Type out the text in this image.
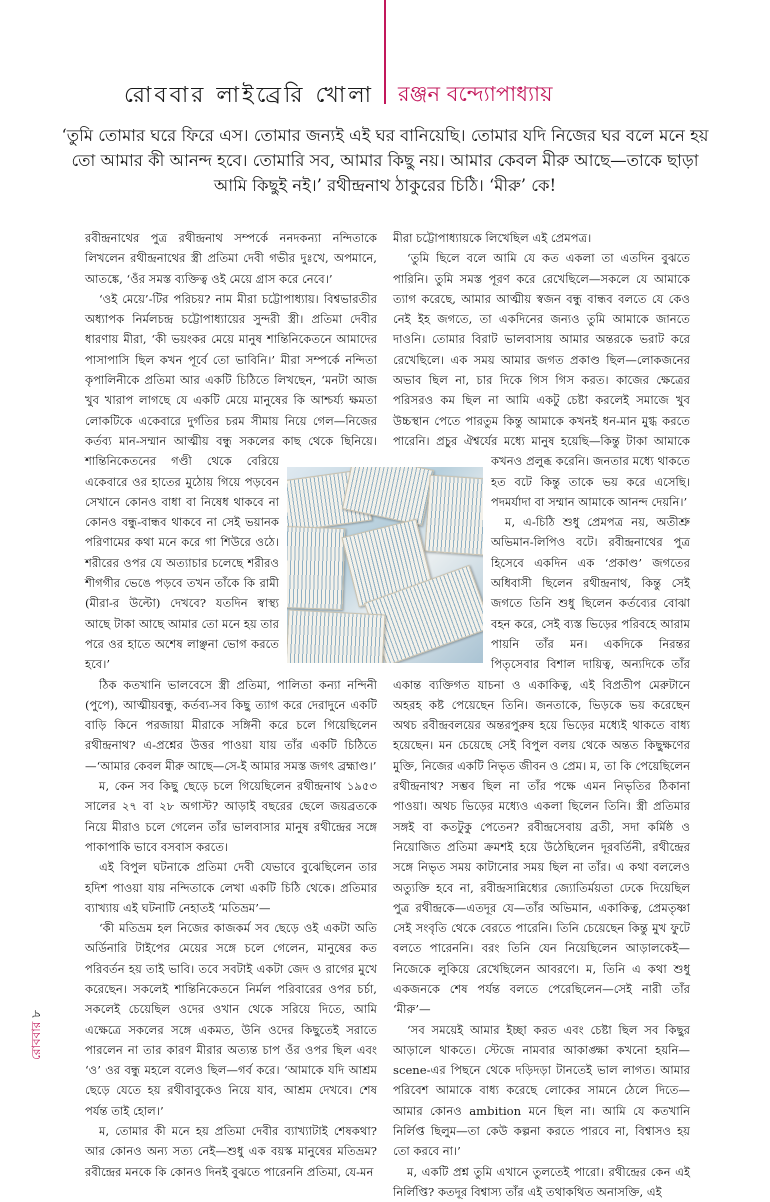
রোববার লাইব্রেরি খোলা রঞ্জন বন্দ্যোপাধ্যায়
‘তুমি তোমার ঘরে ফিরে এস। তোমার জন্যই এই ঘর বানিয়েছি। তোমার যদি নিজের ঘর বলে মনে হয় তো আমার কী আনন্দ হবে। তোমারি সব, আমার কিছু নয়। আমার কেবল মীরু আছে—তাকে ছাড়া আমি কিছুই নই।’ রথীন্দ্রনাথ ঠাকুরের চিঠি। ‘মীরু’ কে!

রবীন্দ্রনাথের পুত্র রথীন্দ্রনাথ সম্পর্কে ননদকন্যা নন্দিতাকে লিখলেন রথীন্দ্রনাথের স্ত্রী প্রতিমা দেবী গভীর দুঃখে, অপমানে, আতঙ্কে, ‘ওঁর সমস্ত ব্যক্তিত্ব ওই মেয়ে গ্রাস করে নেবে।’

‘ওই মেয়ে’-টির পরিচয়? নাম মীরা চট্টোপাধ্যায়। বিশ্বভারতীর অধ্যাপক নির্মলচন্দ্র চট্টোপাধ্যায়ের সুন্দরী স্ত্রী। প্রতিমা দেবীর ধারণায় মীরা, ‘কী ভয়ংকর মেয়ে মানুষ শান্তিনিকেতনে আমাদের পাসাপাসি ছিল কখন পূর্বে তো ভাবিনি।’ মীরা সম্পর্কে নন্দিতা কৃপালিনীকে প্রতিমা আর একটি চিঠিতে লিখছেন, ‘মনটা আজ খুব খারাপ লাগছে যে একটি মেয়ে মানুষের কি আশ্চর্য্য ক্ষমতা লোকটিকে একেবারে দুর্গতির চরম সীমায় নিয়ে গেল—নিজের কর্তব্য মান-সম্মান আত্মীয় বন্ধু সকলের কাছ থেকে ছিনিয়ে। শান্তিনিকেতনের গণ্ডী থেকে বেরিয়ে একেবারে ওর হাতের মুঠোয় গিয়ে পড়বেন সেখানে কোনও বাধা বা নিষেধ থাকবে না কোনও বন্ধু-বান্ধব থাকবে না সেই ভয়ানক পরিণামের কথা মনে করে গা শিউরে ওঠে। শরীরের ওপর যে অত্যাচার চলেছে শরীরও শীগগীর ভেঙে পড়বে তখন তাঁকে কি রামী (মীরা-র উল্টো) দেখবে? যতদিন স্বাস্থ্য আছে টাকা আছে আমার তো মনে হয় তার পরে ওর হাতে অশেষ লাঞ্ছনা ভোগ করতে হবে।’

ঠিক কতখানি ভালবেসে স্ত্রী প্রতিমা, পালিতা কন্যা নন্দিনী (পুপে), আত্মীয়বন্ধু, কর্তব্য-সব কিছু ত্যাগ করে দেরাদুনে একটি বাড়ি কিনে পরজায়া মীরাকে সঙ্গিনী করে চলে গিয়েছিলেন রথীন্দ্রনাথ? এ-প্রশ্নের উত্তর পাওয়া যায় তাঁর একটি চিঠিতে—‘আমার কেবল মীরু আছে—সে-ই আমার সমস্ত জগৎ ব্রহ্মাণ্ড।’

ম, কেন সব কিছু ছেড়ে চলে গিয়েছিলেন রথীন্দ্রনাথ ১৯৫৩ সালের ২৭ বা ২৮ অগাস্ট? আড়াই বছরের ছেলে জয়ব্রতকে নিয়ে মীরাও চলে গেলেন তাঁর ভালবাসার মানুষ রথীন্দ্রের সঙ্গে পাকাপাকি ভাবে বসবাস করতে।

এই বিপুল ঘটনাকে প্রতিমা দেবী যেভাবে বুঝেছিলেন তার হদিশ পাওয়া যায় নন্দিতাকে লেখা একটি চিঠি থেকে। প্রতিমার ব্যাখ্যায় এই ঘটনাটি নেহাতই ‘মতিভ্রম’—

‘কী মতিভ্রম হল নিজের কাজকর্ম সব ছেড়ে ওই একটা অতি অর্ডিনারি টাইপের মেয়ের সঙ্গে চলে গেলেন, মানুষের কত পরিবর্তন হয় তাই ভাবি। তবে সবটাই একটা জেদ ও রাগের মুখে করেছেন। সকলেই শান্তিনিকেতনে নির্মল পরিবারের ওপর চর্চা, সকলেই চেয়েছিল ওদের ওখান থেকে সরিয়ে দিতে, আমি এক্ষেত্রে সকলের সঙ্গে একমত, উনি ওদের কিছুতেই সরাতে পারলেন না তার কারণ মীরার অত্যন্ত চাপ ওঁর ওপর ছিল এবং ‘ও’ ওর বন্ধু মহলে বলেও ছিল—গর্ব করে। ‘আমাকে যদি আশ্রম ছেড়ে যেতে হয় রথীবাবুকেও নিয়ে যাব, আশ্রম দেখবে। শেষ পর্যন্ত তাই হোল।’

ম, তোমার কী মনে হয় প্রতিমা দেবীর ব্যাখ্যাটাই শেষকথা? আর কোনও অন্য সত্য নেই—শুধু এক বয়স্ক মানুষের মতিভ্রম? রবীন্দ্রের মনকে কি কোনও দিনই বুঝতে পারেননি প্রতিমা, যে-মন

মীরা চট্টোপাধ্যায়কে লিখেছিল এই প্রেমপত্র।

‘তুমি ছিলে বলে আমি যে কত একলা তা এতদিন বুঝতে পারিনি। তুমি সমস্ত পূরণ করে রেখেছিলে—সকলে যে আমাকে ত্যাগ করেছে, আমার আত্মীয় স্বজন বন্ধু বান্ধব বলতে যে কেও নেই ইহ জগতে, তা একদিনের জন্যও তুমি আমাকে জানতে দাওনি। তোমার বিরাট ভালবাসায় আমার অন্তরকে ভরাট করে রেখেছিলে। এক সময় আমার জগত প্রকাণ্ড ছিল—লোকজনের অভাব ছিল না, চার দিকে গিস গিস করত। কাজের ক্ষেত্রের পরিসরও কম ছিল না আমি একটু চেষ্টা করলেই সমাজে খুব উচ্চস্থান পেতে পারতুম কিন্তু আমাকে কখনই ধন-মান মুগ্ধ করতে পারেনি। প্রচুর ঐশ্বর্যের মধ্যে মানুষ হয়েছি—কিন্তু টাকা আমাকে কখনও প্রলুব্ধ করেনি। জনতার মধ্যে থাকতে হত বটে কিন্তু তাকে ভয় করে এসেছি। পদমর্যাদা বা সম্মান আমাকে আনন্দ দেয়নি।’

ম, এ-চিঠি শুধু প্রেমপত্র নয়, অতীশ্রু অভিমান-লিপিও বটে। রবীন্দ্রনাথের পুত্র হিসেবে একদিন এক ‘প্রকাণ্ড’ জগতের অধিবাসী ছিলেন রথীন্দ্রনাথ, কিন্তু সেই জগতে তিনি শুধু ছিলেন কর্তব্যের বোঝা বহন করে, সেই ব্যস্ত ভিড়ের পরিবহে আরাম পায়নি তাঁর মন। একদিকে নিরন্তর পিতৃসেবার বিশাল দায়িত্ব, অন্যদিকে তাঁর একান্ত ব্যক্তিগত যাচনা ও একাকিত্ব, এই বিপ্রতীপ মেরুটানে অহরহ কষ্ট পেয়েছেন তিনি। জনতাকে, ভিড়কে ভয় করেছেন অথচ রবীন্দ্রবলয়ের অন্তরপুরুষ হয়ে ভিড়ের মধ্যেই থাকতে বাধ্য হয়েছেন। মন চেয়েছে সেই বিপুল বলয় থেকে অন্তত কিছুক্ষণের মুক্তি, নিজের একটি নিভৃত জীবন ও প্রেম। ম, তা কি পেয়েছিলেন রথীন্দ্রনাথ? সম্ভব ছিল না তাঁর পক্ষে এমন নিভৃতির ঠিকানা পাওয়া। অথচ ভিড়ের মধ্যেও একলা ছিলেন তিনি। স্ত্রী প্রতিমার সঙ্গই বা কতটুকু পেতেন? রবীন্দ্রসেবায় ব্রতী, সদা কর্মিষ্ঠ ও নিয়োজিত প্রতিমা ক্রমশই হয়ে উঠেছিলেন দূরবর্তিনী, রথীন্দ্রের সঙ্গে নিভৃত সময় কাটানোর সময় ছিল না তাঁর। এ কথা বললেও অত্যুক্তি হবে না, রবীন্দ্রসান্নিধ্যের জ্যোতির্ময়তা ঢেকে দিয়েছিল পুত্র রথীন্দ্রকে—এতদূর যে—তাঁর অভিমান, একাকিত্ব, প্রেমতৃষ্ণা সেই সংবৃতি থেকে বেরতে পারেনি। তিনি চেয়েছেন কিন্তু মুখ ফুটে বলতে পারেননি। বরং তিনি যেন নিয়েছিলেন আড়ালকেই—নিজেকে লুকিয়ে রেখেছিলেন আবরণে। ম, তিনি এ কথা শুধু একজনকে শেষ পর্যন্ত বলতে পেরেছিলেন—সেই নারী তাঁর ‘মীরু’—

‘সব সময়েই আমার ইচ্ছা করত এবং চেষ্টা ছিল সব কিছুর আড়ালে থাকতে। স্টেজে নামবার আকাঙ্ক্ষা কখনো হয়নি—scene-এর পিছনে থেকে দড়িদড়া টানতেই ভাল লাগত। আমার পরিবেশ আমাকে বাধ্য করেছে লোকের সামনে ঠেলে দিতে—আমার কোনও ambition মনে ছিল না। আমি যে কতখানি নির্লিপ্ত ছিলুম—তা কেউ কল্পনা করতে পারবে না, বিশ্বাসও হয় তো করবে না।’

ম, একটি প্রশ্ন তুমি এখানে তুলতেই পারো। রথীন্দ্রের কেন এই নির্লিপ্তি? কতদূর বিশ্বাস্য তাঁর এই তথাকথিত অনাসক্তি, এই

রোববার ৮
